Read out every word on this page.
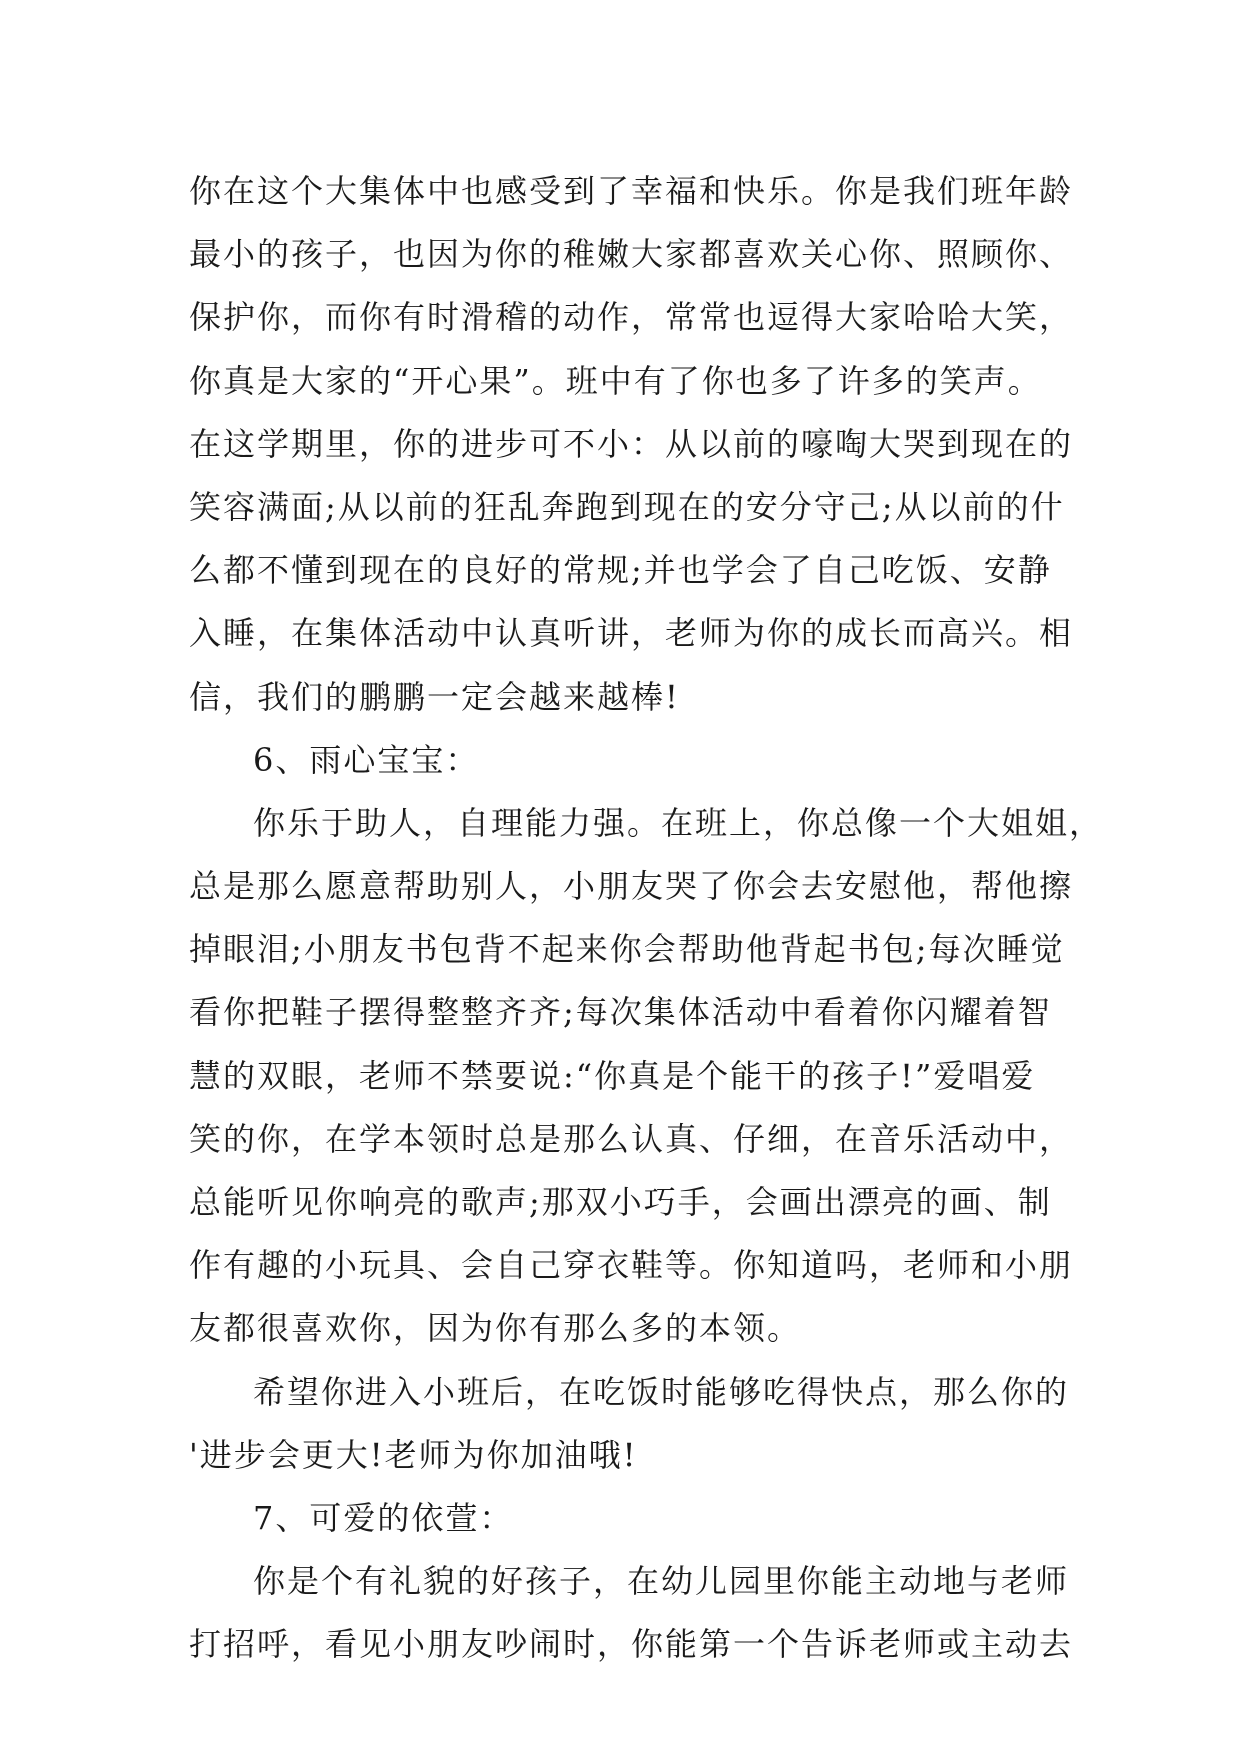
你在这个大集体中也感受到了幸福和快乐。你是我们班年龄
最小的孩子，也因为你的稚嫩大家都喜欢关心你、照顾你、
保护你，而你有时滑稽的动作，常常也逗得大家哈哈大笑，
你真是大家的“开心果”。班中有了你也多了许多的笑声。
在这学期里，你的进步可不小：从以前的嚎啕大哭到现在的
笑容满面;从以前的狂乱奔跑到现在的安分守己;从以前的什
么都不懂到现在的良好的常规;并也学会了自己吃饭、安静
入睡，在集体活动中认真听讲，老师为你的成长而高兴。相
信，我们的鹏鹏一定会越来越棒!
6、雨心宝宝：
你乐于助人，自理能力强。在班上，你总像一个大姐姐，
总是那么愿意帮助别人，小朋友哭了你会去安慰他，帮他擦
掉眼泪;小朋友书包背不起来你会帮助他背起书包;每次睡觉
看你把鞋子摆得整整齐齐;每次集体活动中看着你闪耀着智
慧的双眼，老师不禁要说:“你真是个能干的孩子!”爱唱爱
笑的你，在学本领时总是那么认真、仔细，在音乐活动中，
总能听见你响亮的歌声;那双小巧手，会画出漂亮的画、制
作有趣的小玩具、会自己穿衣鞋等。你知道吗，老师和小朋
友都很喜欢你，因为你有那么多的本领。
希望你进入小班后，在吃饭时能够吃得快点，那么你的
'进步会更大!老师为你加油哦!
7、可爱的依萱：
你是个有礼貌的好孩子，在幼儿园里你能主动地与老师
打招呼，看见小朋友吵闹时，你能第一个告诉老师或主动去
